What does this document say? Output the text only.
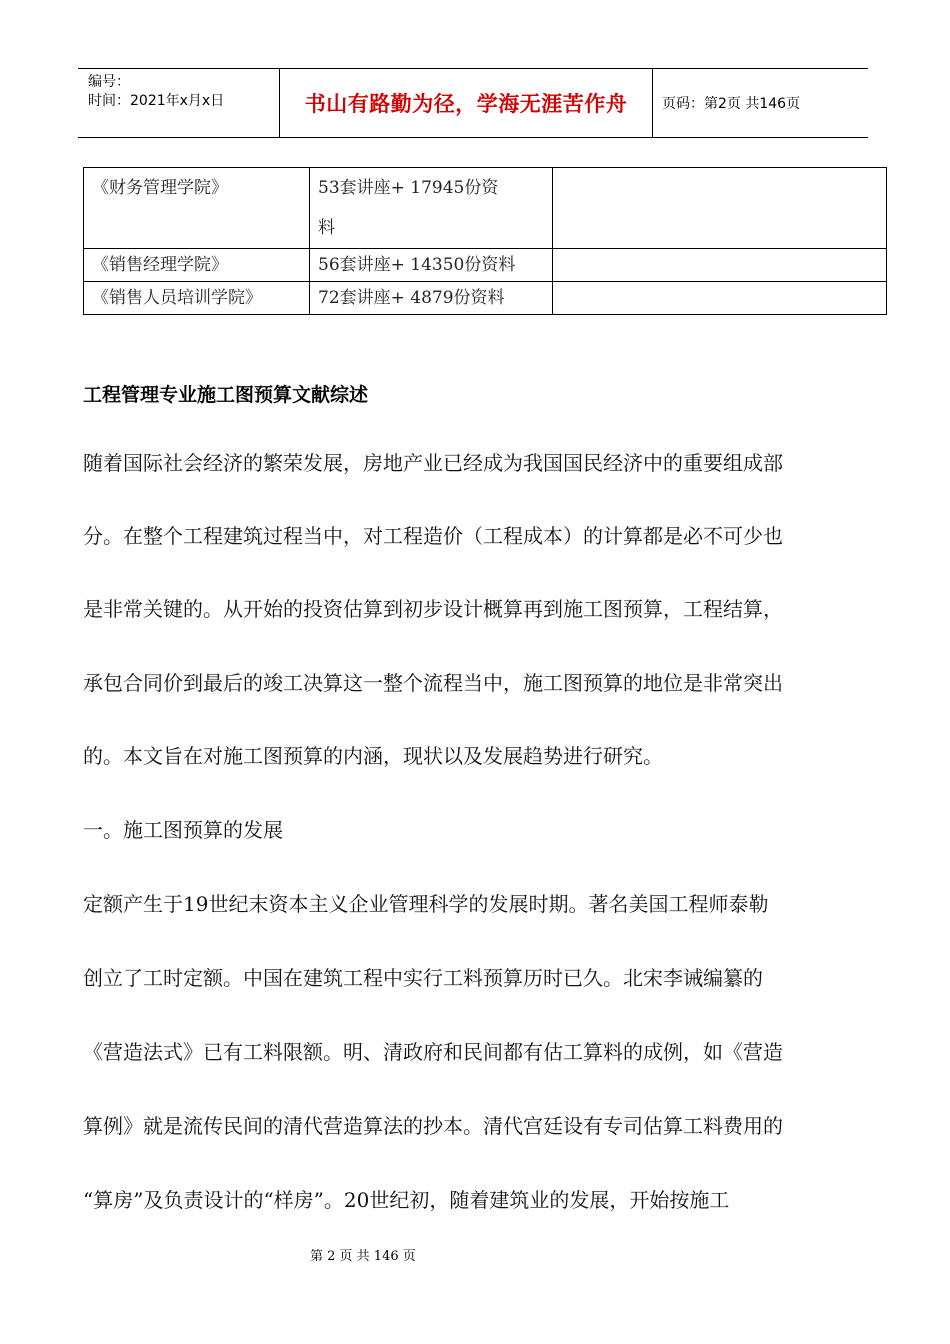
编号：
时间：2021年x月x日	书山有路勤为径，学海无涯苦作舟	页码：第2页 共146页
《财务管理学院》	53套讲座+ 17945份资
料	

《销售经理学院》	56套讲座+ 14350份资料	
《销售人员培训学院》	72套讲座+ 4879份资料	
工程管理专业施工图预算文献综述
随着国际社会经济的繁荣发展，房地产业已经成为我国国民经济中的重要组成部
分。在整个工程建筑过程当中，对工程造价（工程成本）的计算都是必不可少也
是非常关键的。从开始的投资估算到初步设计概算再到施工图预算，工程结算，
承包合同价到最后的竣工决算这一整个流程当中，施工图预算的地位是非常突出
的。本文旨在对施工图预算的内涵，现状以及发展趋势进行研究。
一。施工图预算的发展
定额产生于19世纪末资本主义企业管理科学的发展时期。著名美国工程师泰勒
创立了工时定额。中国在建筑工程中实行工料预算历时已久。北宋李诫编纂的
《营造法式》已有工料限额。明、清政府和民间都有估工算料的成例，如《营造
算例》就是流传民间的清代营造算法的抄本。清代宫廷设有专司估算工料费用的
“算房”及负责设计的“样房”。20世纪初，随着建筑业的发展，开始按施工
第 2 页 共 146 页
